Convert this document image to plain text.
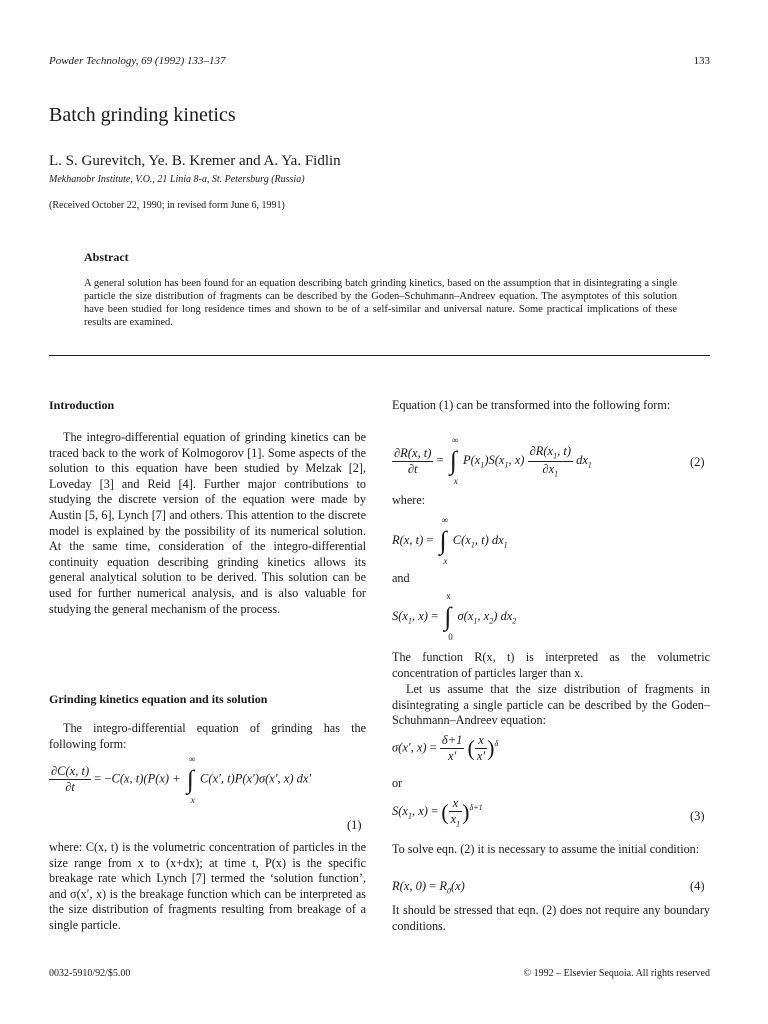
Powder Technology, 69 (1992) 133–137	133
Batch grinding kinetics
L. S. Gurevitch, Ye. B. Kremer and A. Ya. Fidlin
Mekhanobr Institute, V.O., 21 Linia 8-a, St. Petersburg (Russia)
(Received October 22, 1990; in revised form June 6, 1991)
Abstract
A general solution has been found for an equation describing batch grinding kinetics, based on the assumption that in disintegrating a single particle the size distribution of fragments can be described by the Goden–Schuhmann–Andreev equation. The asymptotes of this solution have been studied for long residence times and shown to be of a self-similar and universal nature. Some practical implications of these results are examined.
Introduction

The integro-differential equation of grinding kinetics can be traced back to the work of Kolmogorov [1]. Some aspects of the solution to this equation have been studied by Melzak [2], Loveday [3] and Reid [4]. Further major contributions to studying the discrete version of the equation were made by Austin [5, 6], Lynch [7] and others. This attention to the discrete model is explained by the possibility of its numerical solution. At the same time, consideration of the integro-differential continuity equation describing grinding kinetics allows its general analytical solution to be derived. This solution can be used for further numerical analysis, and is also valuable for studying the general mechanism of the process.

Grinding kinetics equation and its solution

The integro-differential equation of grinding has the following form:

$\frac{\partial C(x, t)}{\partial t} = -C(x$, t)(P(x) + ∫
∞
x
C(x′, t)P(x′)σ(x′, x) dx′
(1)
where: C(x, t) is the volumetric concentration of particles in the size range from x to (x+dx); at time t, P(x) is the specific breakage rate which Lynch [7] termed the ‘solution function’, and σ(x′, x) is the breakage function which can be interpreted as the size distribution of fragments resulting from breakage of a single particle.
Equation (1) can be transformed into the following form:
$\frac{\partial R(x, t)}{\partial t}$ = ∫
∞
x
$P(x_1)S(x_1$, $x) \frac{\partial R(x_1, t)}{\partial x_1} dx_1$	(2)
where:
R(x, t) = ∫
∞
x
$C(x_1$, t) $dx_1$
and
$S(x_1$, x) = ∫
x
0
$\sigma(x_1$, $x_2$) $dx_2$
The function R(x, t) is interpreted as the volumetric concentration of particles larger than x.

Let us assume that the size distribution of fragments in disintegrating a single particle can be described by the Goden–Schuhmann–Andreev equation:

σ(x′, $x) = \frac{\delta+1}{x'}$ ( $\frac{x}{x'} )^\delta$
or
$S(x_1$, x) = ( $\frac{x}{x_1} )^{\delta+1}$
(3)
To solve eqn. (2) it is necessary to assume the initial condition:
R(x, $0) = R_0(x)$	(4)
It should be stressed that eqn. (2) does not require any boundary conditions.
0032-5910/92/$5.00	© 1992 – Elsevier Sequoia. All rights reserved
